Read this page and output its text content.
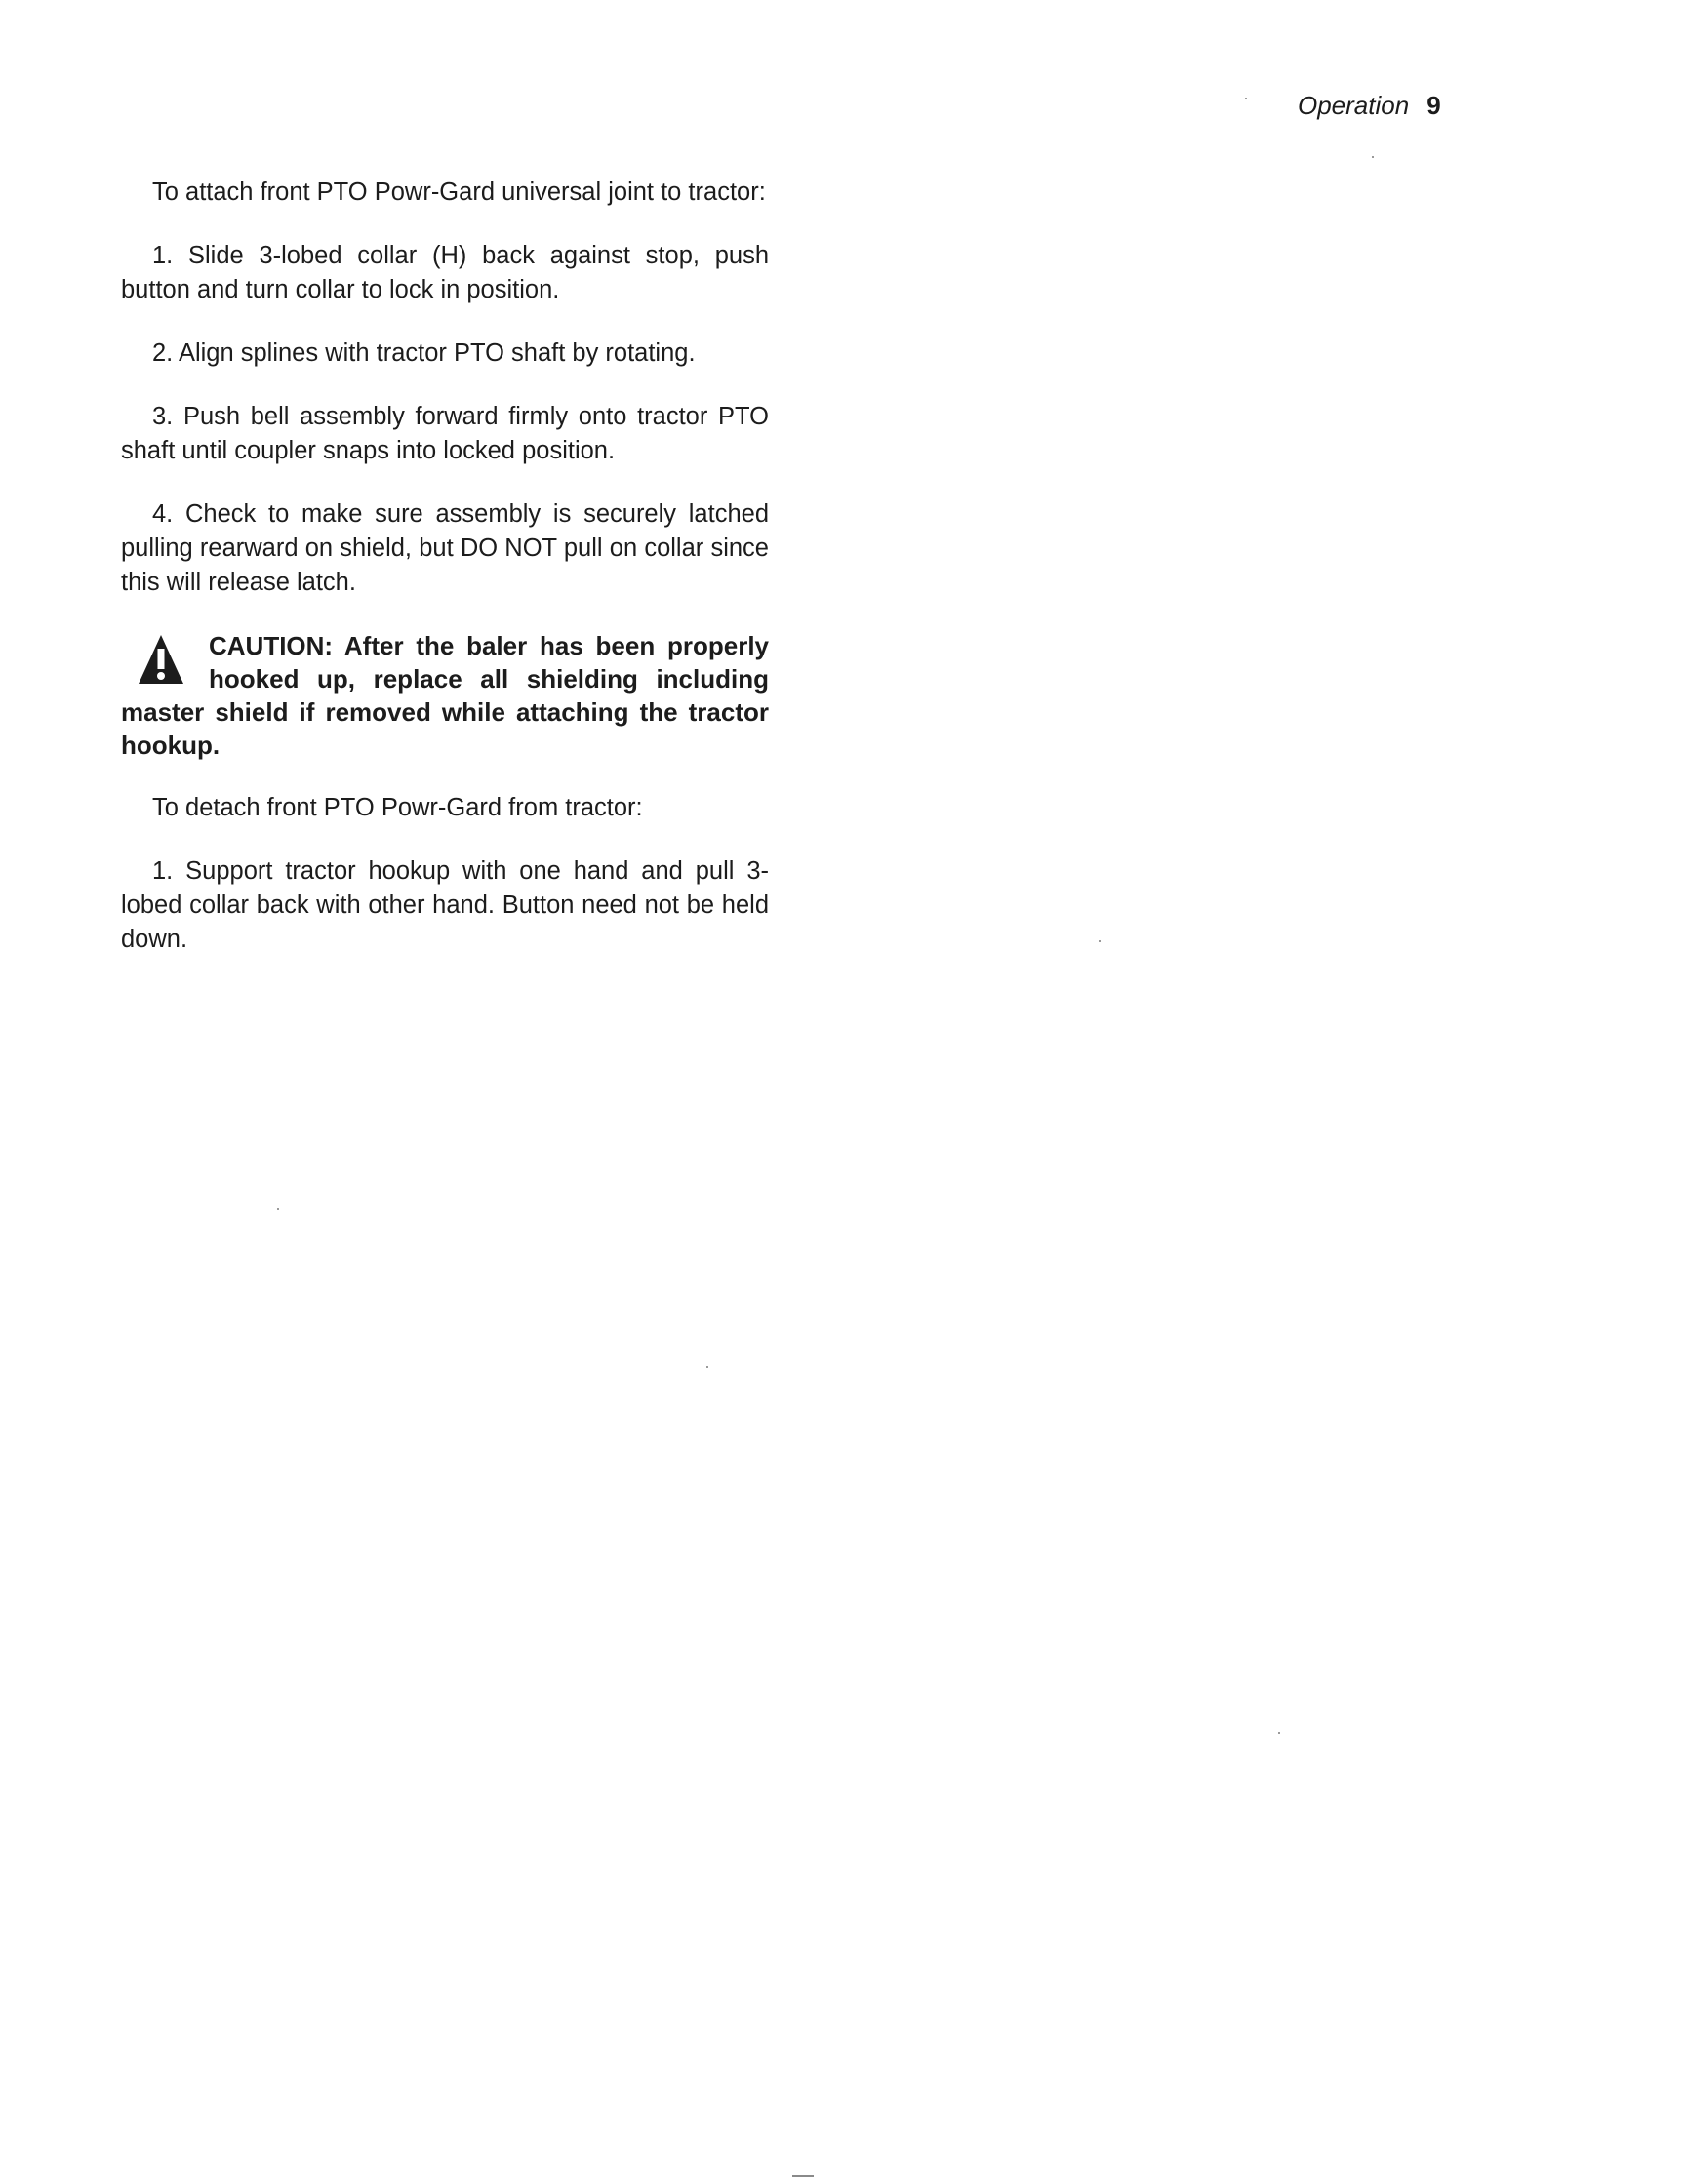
Operation 9

To attach front PTO Powr-Gard universal joint to tractor:

1. Slide 3-lobed collar (H) back against stop, push button and turn collar to lock in position.

2. Align splines with tractor PTO shaft by rotating.

3. Push bell assembly forward firmly onto tractor PTO shaft until coupler snaps into locked position.

4. Check to make sure assembly is securely latched pulling rearward on shield, but DO NOT pull on collar since this will release latch.

CAUTION: After the baler has been properly hooked up, replace all shielding including master shield if removed while attaching the tractor hookup.

To detach front PTO Powr-Gard from tractor:

1. Support tractor hookup with one hand and pull 3-lobed collar back with other hand. Button need not be held down.
